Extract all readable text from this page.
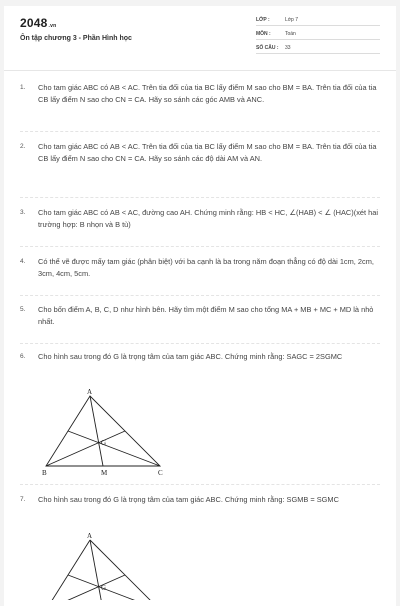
2048.vn
Ôn tập chương 3 - Phần Hình học
LỚP :	Lớp 7
MÔN :	Toán
SỐ CÂU : 33
1. Cho tam giác ABC có AB < AC. Trên tia đối của tia BC lấy điểm M sao cho BM = BA. Trên tia đối của tia CB lấy điểm N sao cho CN = CA. Hãy so sánh các góc AMB và ANC.
2. Cho tam giác ABC có AB < AC. Trên tia đối của tia BC lấy điểm M sao cho BM = BA. Trên tia đối của tia CB lấy điểm N sao cho CN = CA. Hãy so sánh các độ dài AM và AN.
3. Cho tam giác ABC có AB < AC, đường cao AH. Chứng minh rằng: HB < HC, ∠(HAB) < ∠ (HAC)(xét hai trường hợp: B nhọn và B tù)
4. Có thể vẽ được mấy tam giác (phân biệt) với ba cạnh là ba trong năm đoạn thẳng có độ dài 1cm, 2cm, 3cm, 4cm, 5cm.
5. Cho bốn điểm A, B, C, D như hình bên. Hãy tìm một điểm M sao cho tổng MA + MB + MC + MD là nhỏ nhất.
6. Cho hình sau trong đó G là trọng tâm của tam giác ABC. Chứng minh rằng: SAGC = 2SGMC
A
B	C
G
M
7. Cho hình sau trong đó G là trọng tâm của tam giác ABC. Chứng minh rằng: SGMB = SGMC
A
G
